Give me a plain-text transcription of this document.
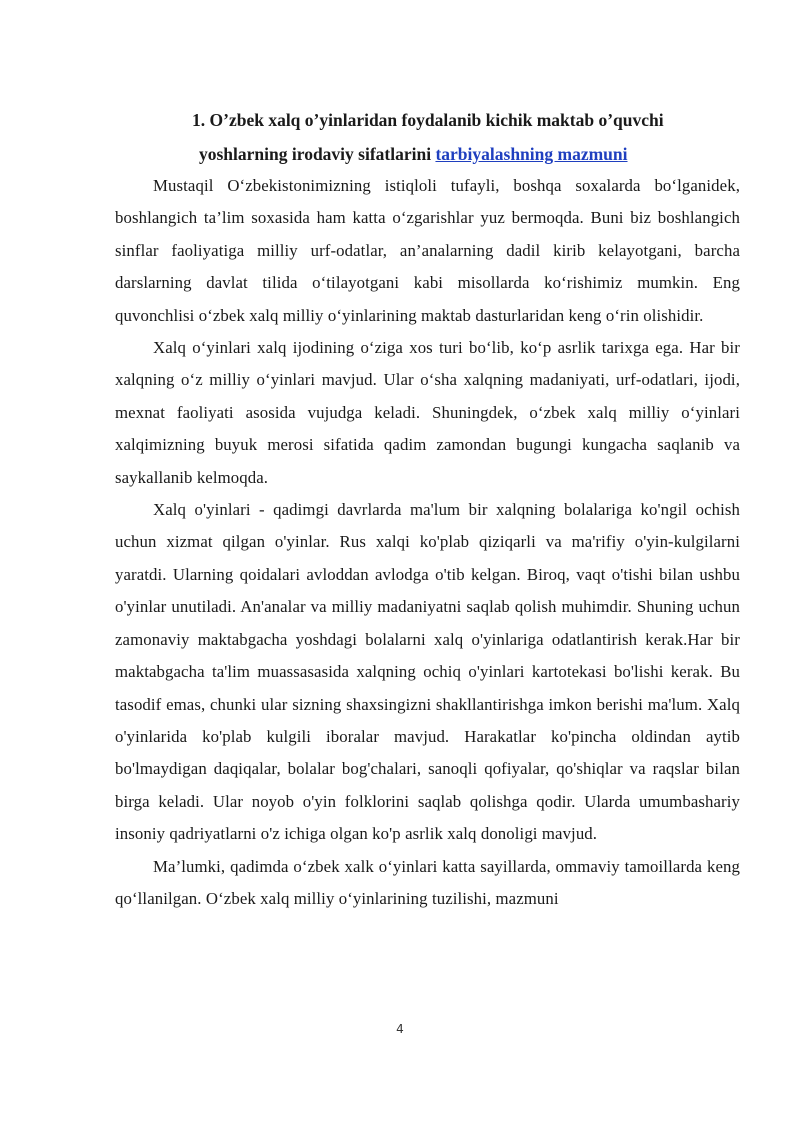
1. O’zbek xalq o’yinlaridan foydalanib kichik maktab o’quvchi
yoshlarning irodaviy sifatlarini tarbiyalashning mazmuni

Mustaqil O‘zbekistonimizning istiqloli tufayli, boshqa soxalarda bo‘lganidek, boshlangich ta’lim soxasida ham katta o‘zgarishlar yuz bermoqda. Buni biz boshlangich sinflar faoliyatiga milliy urf-odatlar, an’analarning dadil kirib kelayotgani, barcha darslarning davlat tilida o‘tilayotgani kabi misollarda ko‘rishimiz mumkin. Eng quvonchlisi o‘zbek xalq milliy o‘yinlarining maktab dasturlaridan keng o‘rin olishidir.

Xalq o‘yinlari xalq ijodining o‘ziga xos turi bo‘lib, ko‘p asrlik tarixga ega. Har bir xalqning o‘z milliy o‘yinlari mavjud. Ular o‘sha xalqning madaniyati, urf-odatlari, ijodi, mexnat faoliyati asosida vujudga keladi. Shuningdek, o‘zbek xalq milliy o‘yinlari xalqimizning buyuk merosi sifatida qadim zamondan bugungi kungacha saqlanib va saykallanib kelmoqda.

Xalq o'yinlari - qadimgi davrlarda ma'lum bir xalqning bolalariga ko'ngil ochish uchun xizmat qilgan o'yinlar. Rus xalqi ko'plab qiziqarli va ma'rifiy o'yin-kulgilarni yaratdi. Ularning qoidalari avloddan avlodga o'tib kelgan. Biroq, vaqt o'tishi bilan ushbu o'yinlar unutiladi. An'analar va milliy madaniyatni saqlab qolish muhimdir. Shuning uchun zamonaviy maktabgacha yoshdagi bolalarni xalq o'yinlariga odatlantirish kerak.Har bir maktabgacha ta'lim muassasasida xalqning ochiq o'yinlari kartotekasi bo'lishi kerak. Bu tasodif emas, chunki ular sizning shaxsingizni shakllantirishga imkon berishi ma'lum. Xalq o'yinlarida ko'plab kulgili iboralar mavjud. Harakatlar ko'pincha oldindan aytib bo'lmaydigan daqiqalar, bolalar bog'chalari, sanoqli qofiyalar, qo'shiqlar va raqslar bilan birga keladi. Ular noyob o'yin folklorini saqlab qolishga qodir. Ularda umumbashariy insoniy qadriyatlarni o'z ichiga olgan ko'p asrlik xalq donoligi mavjud.

Ma’lumki, qadimda o‘zbek xalk o‘yinlari katta sayillarda, ommaviy tamoillarda keng qo‘llanilgan. O‘zbek xalq milliy o‘yinlarining tuzilishi, mazmuni

4
